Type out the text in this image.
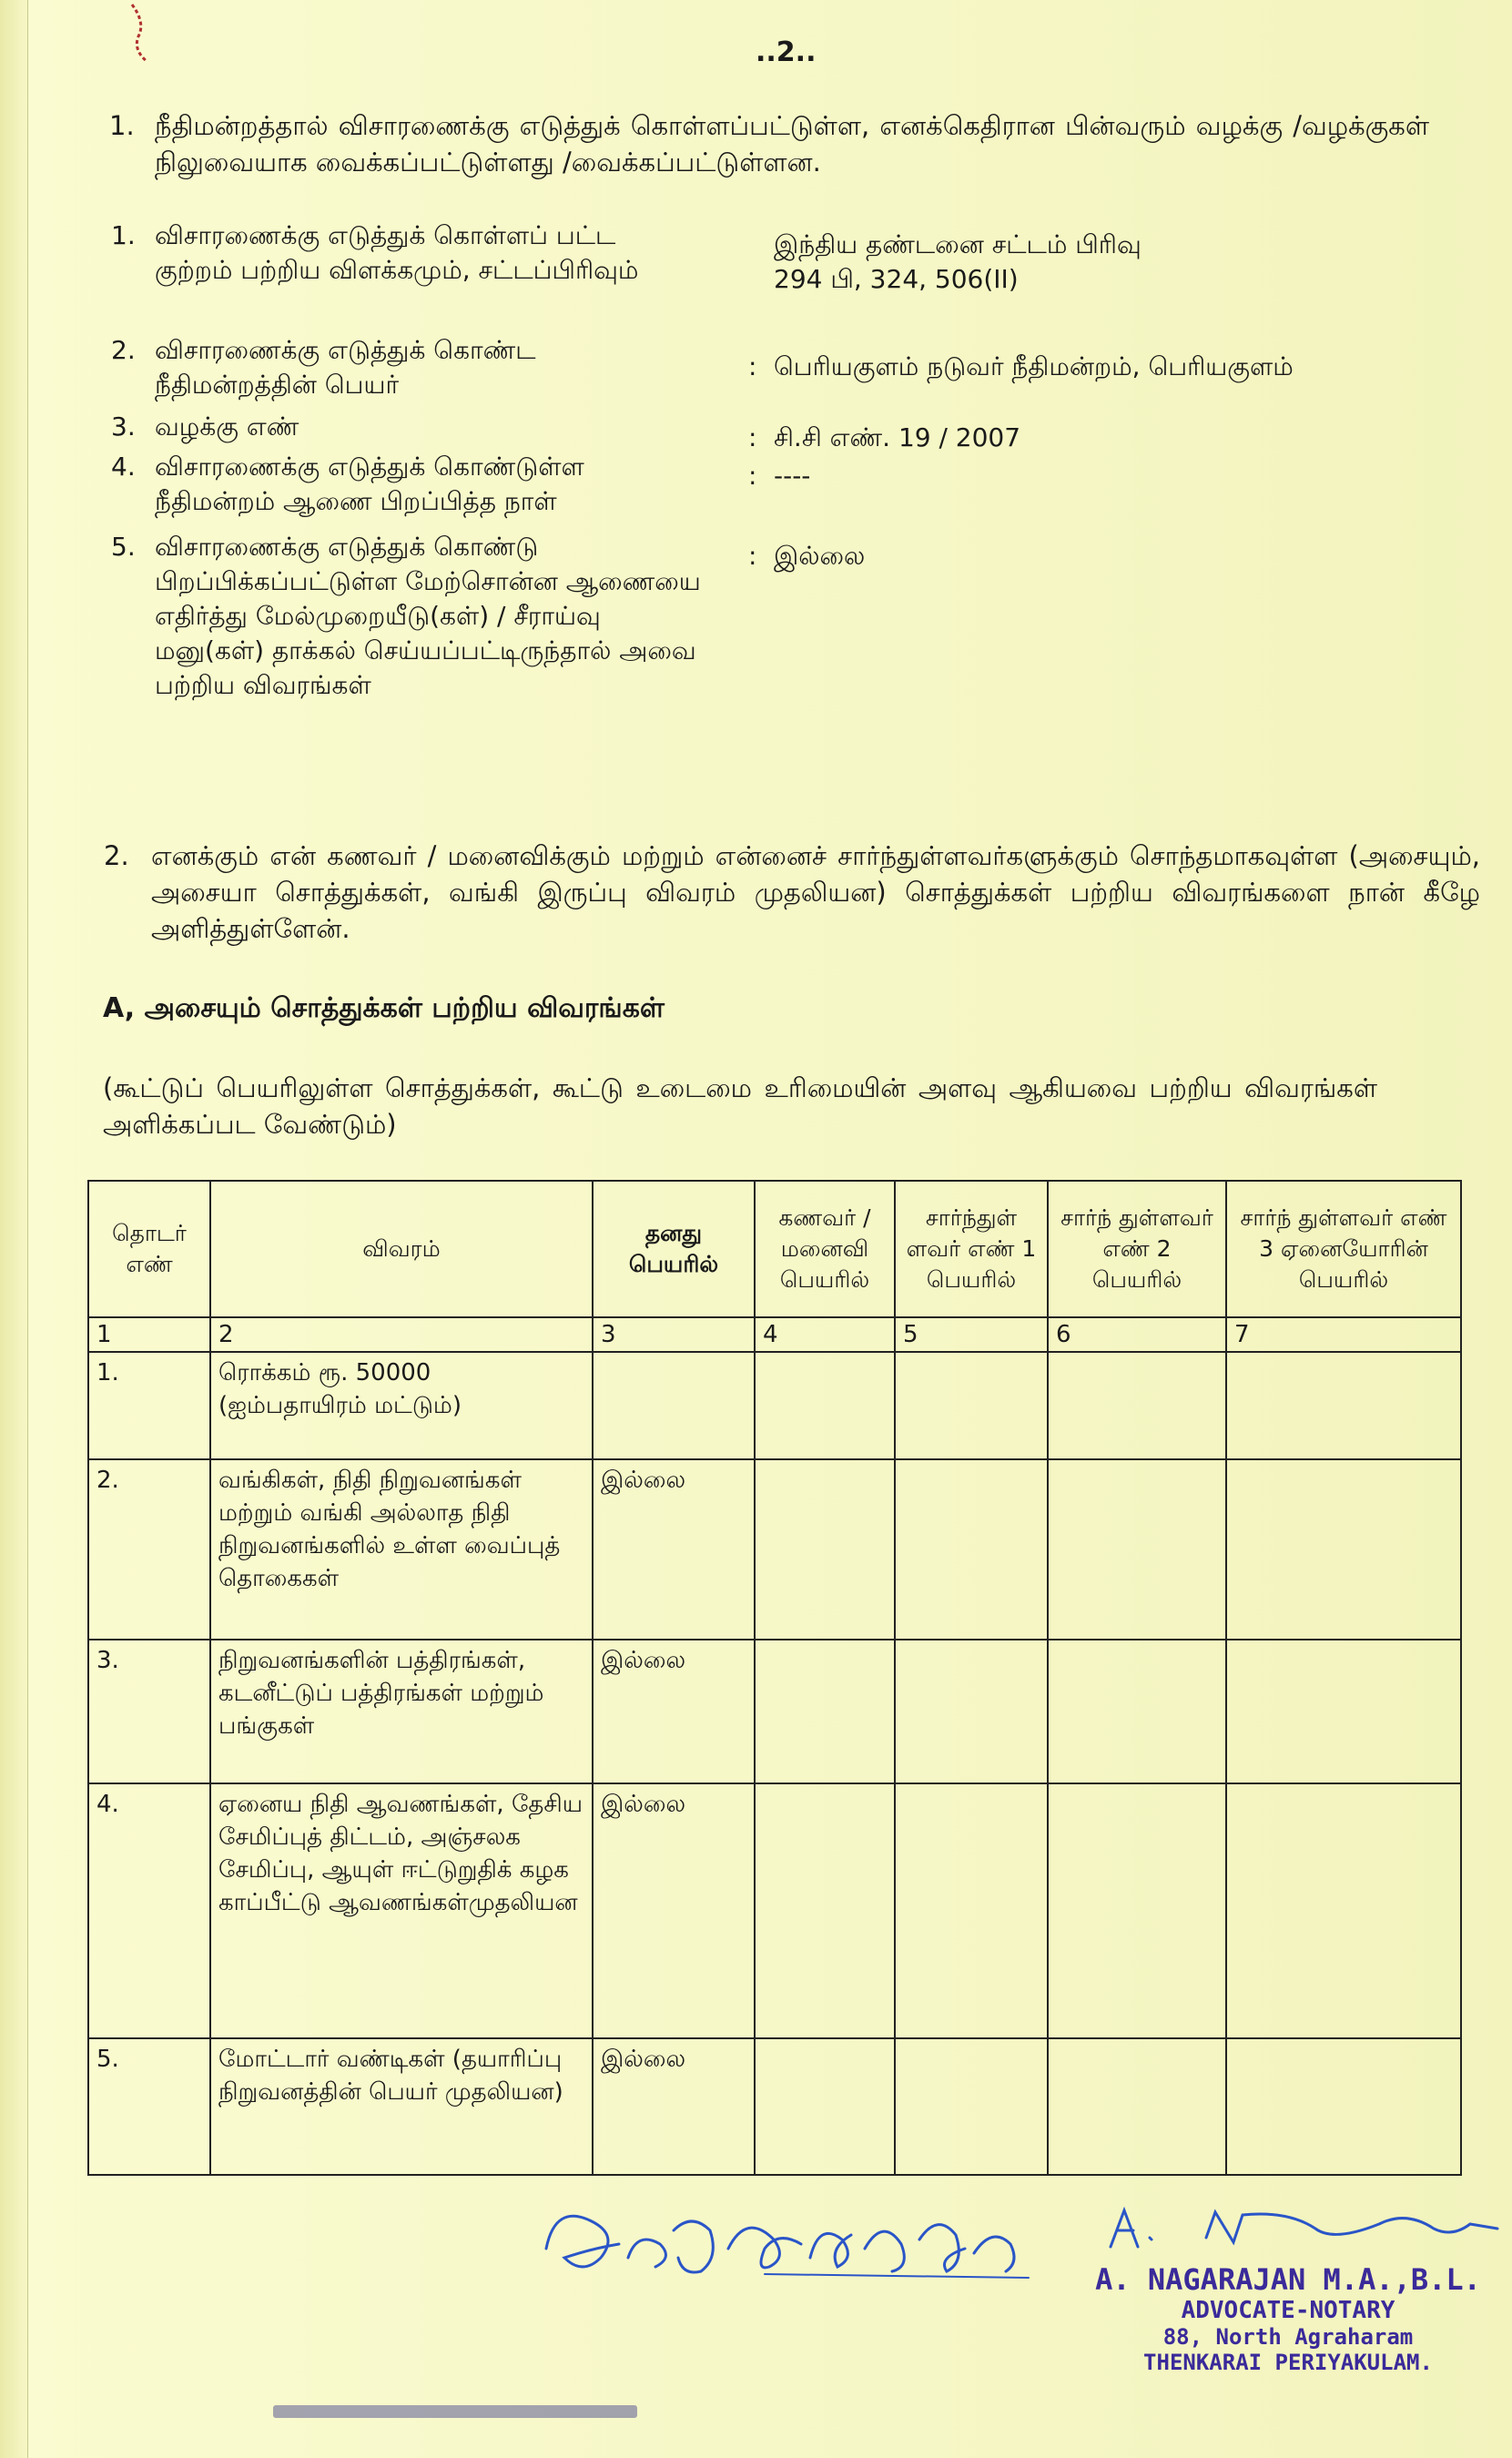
..2..
1. நீதிமன்றத்தால் விசாரணைக்கு எடுத்துக் கொள்ளப்பட்டுள்ள, எனக்கெதிரான பின்வரும் வழக்கு /வழக்குகள் நிலுவையாக வைக்கப்பட்டுள்ளது /வைக்கப்பட்டுள்ளன.
1. விசாரணைக்கு எடுத்துக் கொள்ளப் பட்ட குற்றம் பற்றிய விளக்கமும், சட்டப்பிரிவும்
இந்திய தண்டனை சட்டம் பிரிவு 294 பி, 324, 506(II)
2. விசாரணைக்கு எடுத்துக் கொண்ட நீதிமன்றத்தின் பெயர்
: பெரியகுளம் நடுவர் நீதிமன்றம், பெரியகுளம்
3. வழக்கு எண்	: சி.சி எண். 19 / 2007
4. விசாரணைக்கு எடுத்துக் கொண்டுள்ள நீதிமன்றம் ஆணை பிறப்பித்த நாள்
: ----
5. விசாரணைக்கு எடுத்துக் கொண்டு பிறப்பிக்கப்பட்டுள்ள மேற்சொன்ன ஆணையை எதிர்த்து மேல்முறையீடு(கள்) / சீராய்வு மனு(கள்) தாக்கல் செய்யப்பட்டிருந்தால் அவை பற்றிய விவரங்கள்
: இல்லை
2. எனக்கும் என் கணவர் / மனைவிக்கும் மற்றும் என்னைச் சார்ந்துள்ளவர்களுக்கும் சொந்தமாகவுள்ள (அசையும், அசையா சொத்துக்கள், வங்கி இருப்பு விவரம் முதலியன) சொத்துக்கள் பற்றிய விவரங்களை நான் கீழே அளித்துள்ளேன்.
A, அசையும் சொத்துக்கள் பற்றிய விவரங்கள்
(கூட்டுப் பெயரிலுள்ள சொத்துக்கள், கூட்டு உடைமை உரிமையின் அளவு ஆகியவை பற்றிய விவரங்கள் அளிக்கப்பட வேண்டும்)
தொடர் எண்	விவரம்	தனது பெயரில்	கணவர் /மனைவி பெயரில்	சார்ந்துள் ளவர் எண் 1 பெயரில்	சார்ந் துள்ளவர் எண் 2 பெயரில்	சார்ந் துள்ளவர் எண் 3 ஏனையோரின் பெயரில்
1	2	3	4	5	6	7
1.	ரொக்கம் ரூ. 50000 (ஐம்பதாயிரம் மட்டும்)					
2.	வங்கிகள், நிதி நிறுவனங்கள் மற்றும் வங்கி அல்லாத நிதி நிறுவனங்களில் உள்ள வைப்புத் தொகைகள்	இல்லை				
3.	நிறுவனங்களின் பத்திரங்கள், கடனீட்டுப் பத்திரங்கள் மற்றும் பங்குகள்	இல்லை				
4.	ஏனைய நிதி ஆவணங்கள், தேசிய சேமிப்புத் திட்டம், அஞ்சலக சேமிப்பு, ஆயுள் ஈட்டுறுதிக் கழக காப்பீட்டு ஆவணங்கள்முதலியன	இல்லை				
5.	மோட்டார் வண்டிகள் (தயாரிப்பு நிறுவனத்தின் பெயர் முதலியன)	இல்லை				
A. NAGARAJAN M.A.,B.L.
ADVOCATE-NOTARY
88, North Agraharam
THENKARAI PERIYAKULAM.
